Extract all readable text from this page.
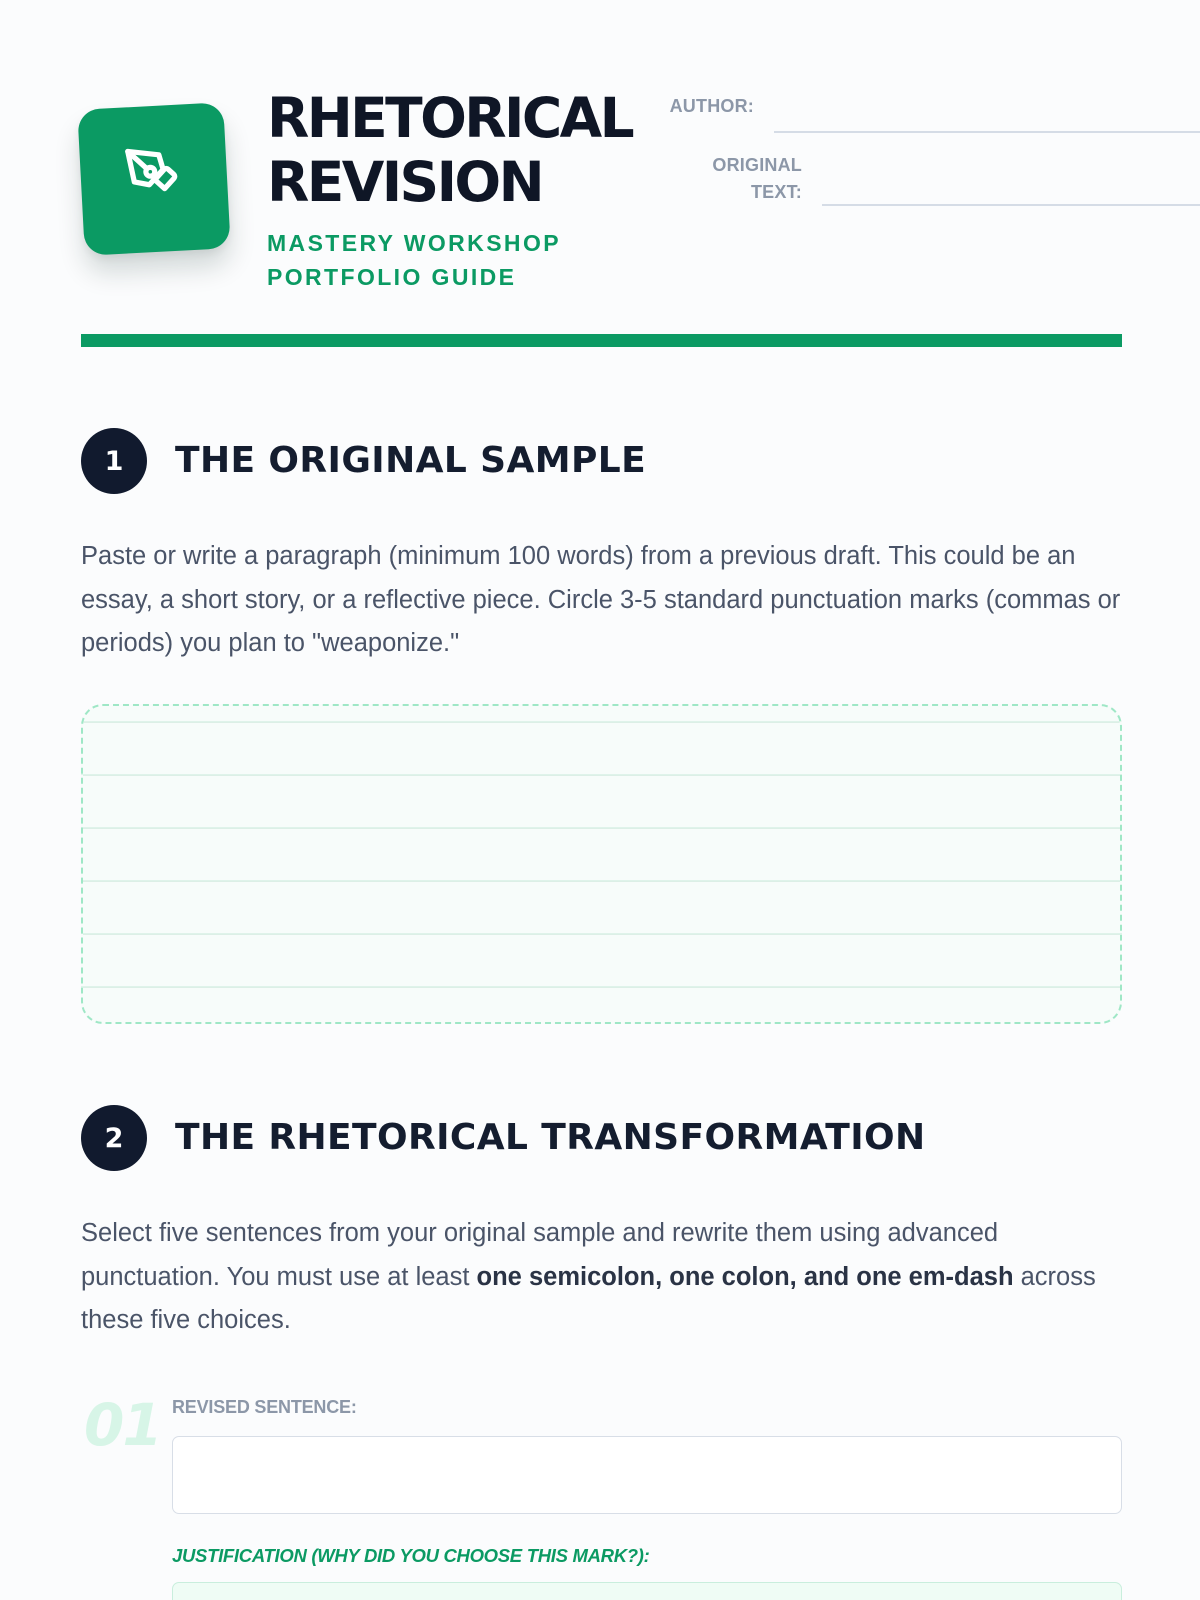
RHETORICAL
REVISION
MASTERY WORKSHOP
PORTFOLIO GUIDE
AUTHOR:
ORIGINAL
TEXT:
1	THE ORIGINAL SAMPLE

Paste or write a paragraph (minimum 100 words) from a previous draft. This could be an essay, a short story, or a reflective piece. Circle 3-5 standard punctuation marks (commas or periods) you plan to "weaponize."

2	THE RHETORICAL TRANSFORMATION

Select five sentences from your original sample and rewrite them using advanced punctuation. You must use at least one semicolon, one colon, and one em-dash across these five choices.

01 REVISED SENTENCE:
JUSTIFICATION (WHY DID YOU CHOOSE THIS MARK?):
